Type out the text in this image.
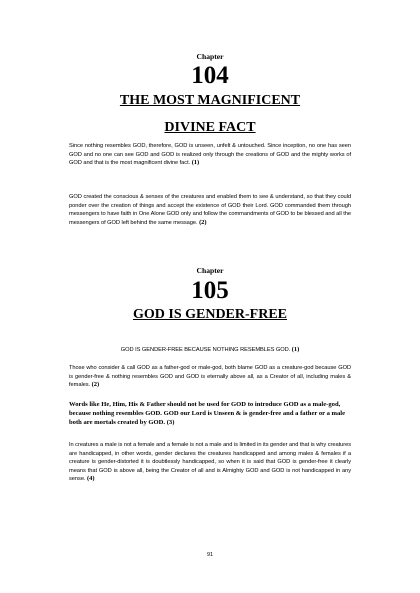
Chapter
104
THE MOST MAGNIFICENT
DIVINE FACT
Since nothing resembles GOD, therefore, GOD is unseen, unfelt & untouched. Since inception, no one has seen GOD and no one can see GOD and GOD is realized only through the creations of GOD and the mighty works of GOD and that is the most magnificent divine fact. (1)
GOD created the conscious & senses of the creatures and enabled them to see & understand, so that they could ponder over the creation of things and accept the existence of GOD their Lord. GOD commanded them through messengers to have faith in One Alone GOD only and follow the commandments of GOD to be blessed and all the messengers of GOD left behind the same message. (2)
Chapter
105
GOD IS GENDER-FREE
GOD IS GENDER-FREE BECAUSE NOTHING RESEMBLES GOD. (1)
Those who consider & call GOD as a father-god or male-god, both blame GOD as a creature-god because GOD is gender-free & nothing resembles GOD and GOD is eternally above all, as a Creator of all, including males & females. (2)
Words like He, Him, His & Father should not be used for GOD to introduce GOD as a male-god, because nothing resembles GOD. GOD our Lord is Unseen & is gender-free and a father or a male both are mortals created by GOD. (3)
In creatures a male is not a female and a female is not a male and is limited in its gender and that is why creatures are handicapped, in other words, gender declares the creatures handicapped and among males & females if a creature is gender-distorted it is doubtlessly handicapped, so when it is said that GOD is gender-free it clearly means that GOD is above all, being the Creator of all and is Almighty GOD and GOD is not handicapped in any sense. (4)
91
